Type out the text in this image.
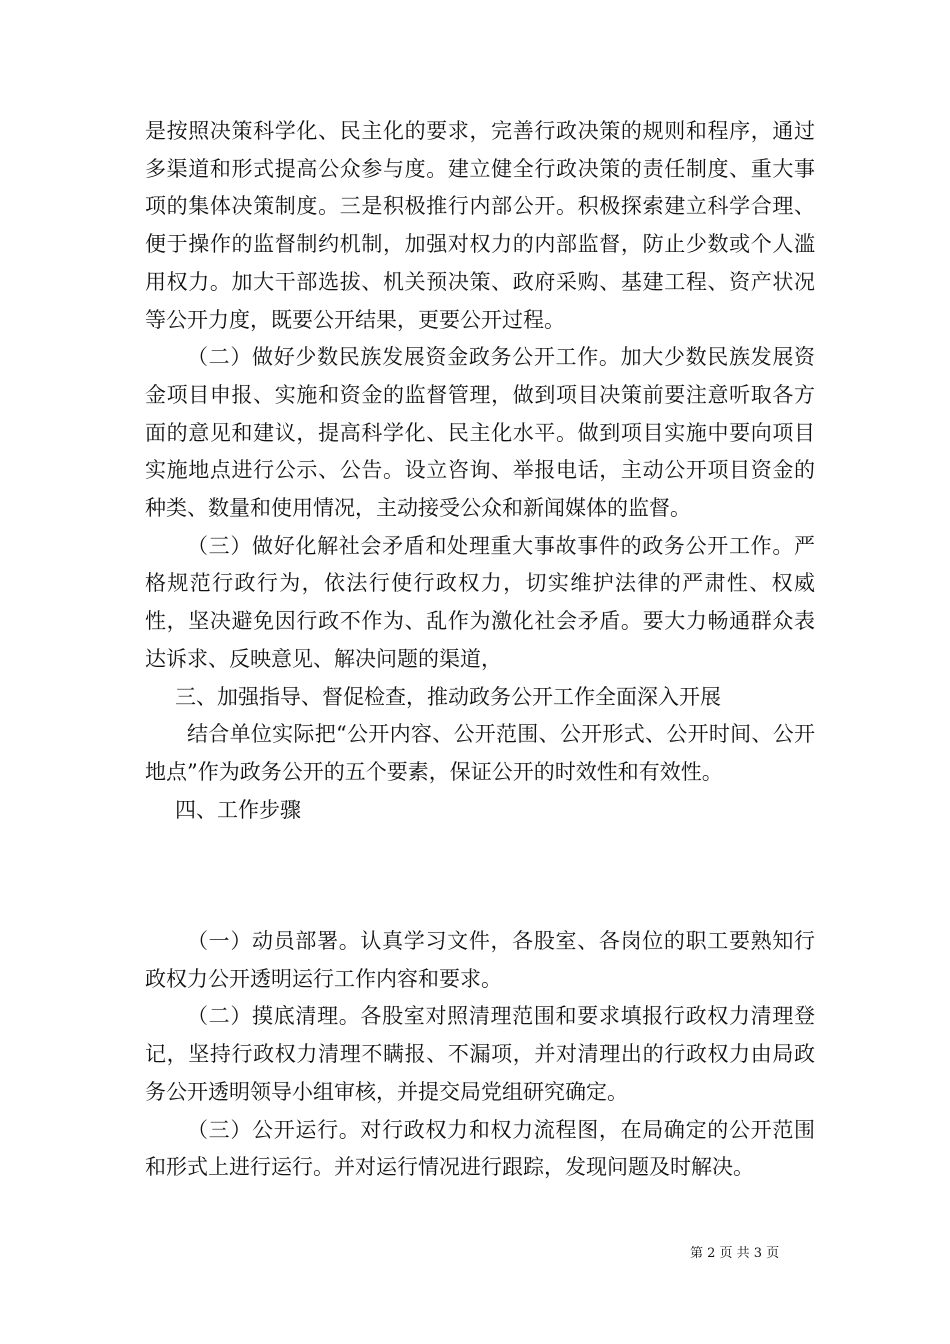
是按照决策科学化、民主化的要求，完善行政决策的规则和程序，通过多渠道和形式提高公众参与度。建立健全行政决策的责任制度、重大事项的集体决策制度。三是积极推行内部公开。积极探索建立科学合理、便于操作的监督制约机制，加强对权力的内部监督，防止少数或个人滥用权力。加大干部选拔、机关预决策、政府采购、基建工程、资产状况等公开力度，既要公开结果，更要公开过程。

（二）做好少数民族发展资金政务公开工作。加大少数民族发展资金项目申报、实施和资金的监督管理，做到项目决策前要注意听取各方面的意见和建议，提高科学化、民主化水平。做到项目实施中要向项目实施地点进行公示、公告。设立咨询、举报电话，主动公开项目资金的种类、数量和使用情况，主动接受公众和新闻媒体的监督。

（三）做好化解社会矛盾和处理重大事故事件的政务公开工作。严格规范行政行为，依法行使行政权力，切实维护法律的严肃性、权威性，坚决避免因行政不作为、乱作为激化社会矛盾。要大力畅通群众表达诉求、反映意见、解决问题的渠道，

三、加强指导、督促检查，推动政务公开工作全面深入开展

结合单位实际把“公开内容、公开范围、公开形式、公开时间、公开地点”作为政务公开的五个要素，保证公开的时效性和有效性。

四、工作步骤

（一）动员部署。认真学习文件，各股室、各岗位的职工要熟知行政权力公开透明运行工作内容和要求。

（二）摸底清理。各股室对照清理范围和要求填报行政权力清理登记，坚持行政权力清理不瞒报、不漏项，并对清理出的行政权力由局政务公开透明领导小组审核，并提交局党组研究确定。

（三）公开运行。对行政权力和权力流程图，在局确定的公开范围和形式上进行运行。并对运行情况进行跟踪，发现问题及时解决。

第 2 页 共 3 页
